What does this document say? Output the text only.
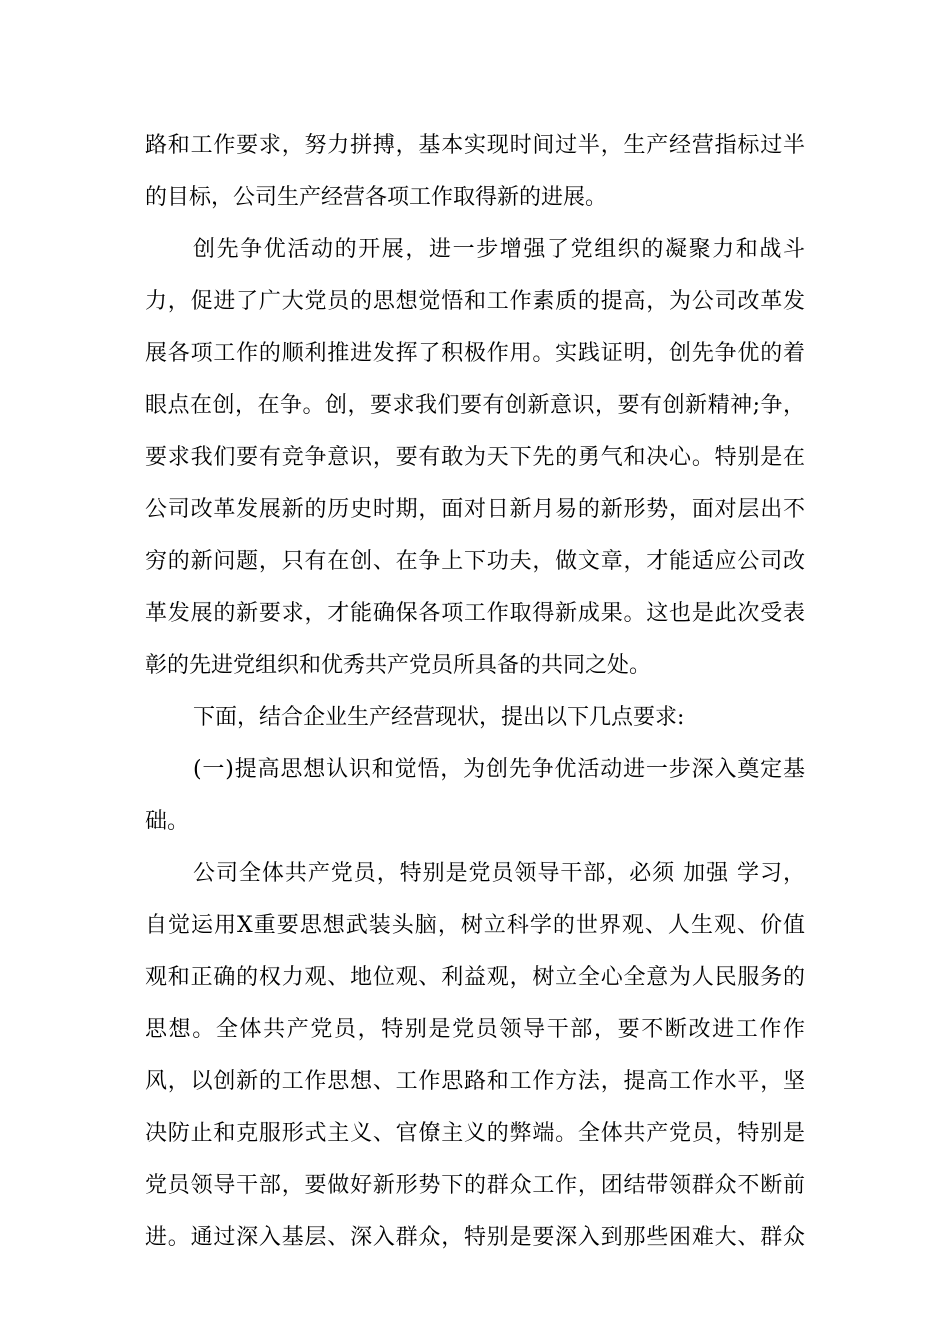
路和工作要求，努力拼搏，基本实现时间过半，生产经营指标过半
的目标，公司生产经营各项工作取得新的进展。
创先争优活动的开展，进一步增强了党组织的凝聚力和战斗
力，促进了广大党员的思想觉悟和工作素质的提高，为公司改革发
展各项工作的顺利推进发挥了积极作用。实践证明，创先争优的着
眼点在创，在争。创，要求我们要有创新意识，要有创新精神;争，
要求我们要有竞争意识，要有敢为天下先的勇气和决心。特别是在
公司改革发展新的历史时期，面对日新月易的新形势，面对层出不
穷的新问题，只有在创、在争上下功夫，做文章，才能适应公司改
革发展的新要求，才能确保各项工作取得新成果。这也是此次受表
彰的先进党组织和优秀共产党员所具备的共同之处。
下面，结合企业生产经营现状，提出以下几点要求:
(一)提高思想认识和觉悟，为创先争优活动进一步深入奠定基
础。
公司全体共产党员，特别是党员领导干部，必须 加强 学习，
自觉运用X重要思想武装头脑，树立科学的世界观、人生观、价值
观和正确的权力观、地位观、利益观，树立全心全意为人民服务的
思想。全体共产党员，特别是党员领导干部，要不断改进工作作
风，以创新的工作思想、工作思路和工作方法，提高工作水平，坚
决防止和克服形式主义、官僚主义的弊端。全体共产党员，特别是
党员领导干部，要做好新形势下的群众工作，团结带领群众不断前
进。通过深入基层、深入群众，特别是要深入到那些困难大、群众
